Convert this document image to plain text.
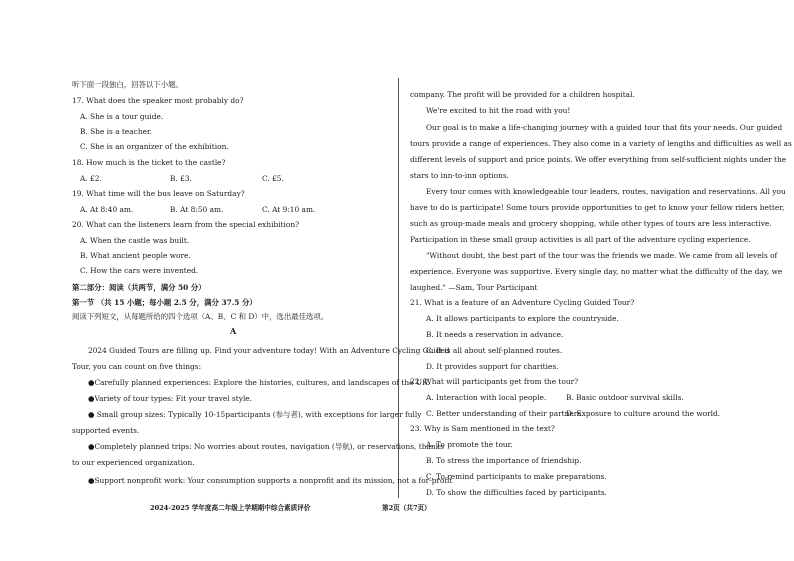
听下面一段独白，回答以下小题。
17. What does the speaker most probably do?
A. She is a tour guide.
B. She is a teacher.
C. She is an organizer of the exhibition.
18. How much is the ticket to the castle?
A. £2.	B. £3.	C. £5.
19. What time will the bus leave on Saturday?
A. At 8:40 am.	B. At 8:50 am.	C. At 9:10 am.
20. What can the listeners learn from the special exhibition?
A. When the castle was built.
B. What ancient people wore.
C. How the cars were invented.
第二部分：阅读（共两节，满分 50 分）
第一节 （共 15 小题；每小题 2.5 分，满分 37.5 分）
阅读下列短文，从每题所给的四个选项（A、B、C 和 D）中，选出最佳选项。
2024 Guided Tours are filling up. Find your adventure today! With an Adventure Cycling Guided
Tour, you can count on five things:
●Carefully planned experiences: Explore the histories, cultures, and landscapes of the UK.
●Variety of tour types: Fit your travel style.
● Small group sizes: Typically 10-15participants (参与者), with exceptions for larger fully
supported events.
●Completely planned trips: No worries about routes, navigation (导航), or reservations, thanks
to our experienced organization.
●Support nonprofit work: Your consumption supports a nonprofit and its mission, not a for-profit
A
2024-2025 学年度高二年级上学期期中综合素质评价
company. The profit will be provided for a children hospital.
We're excited to hit the road with you!
Our goal is to make a life-changing journey with a guided tour that fits your needs. Our guided
tours provide a range of experiences. They also come in a variety of lengths and difficulties as well as
different levels of support and price points. We offer everything from self-sufficient nights under the
stars to inn-to-inn options.
Every tour comes with knowledgeable tour leaders, routes, navigation and reservations. All you
have to do is participate! Some tours provide opportunities to get to know your fellow riders better,
such as group-made meals and grocery shopping, while other types of tours are less interactive.
Participation in these small group activities is all part of the adventure cycling experience.
"Without doubt, the best part of the tour was the friends we made. We came from all levels of
experience. Everyone was supportive. Every single day, no matter what the difficulty of the day, we
laughed." —Sam, Tour Participant
21. What is a feature of an Adventure Cycling Guided Tour?
A. It allows participants to explore the countryside.
B. It needs a reservation in advance.
C. It is all about self-planned routes.
D. It provides support for charities.
22. What will participants get from the tour?
A. Interaction with local people.	B. Basic outdoor survival skills.
C. Better understanding of their partners.
D. Exposure to culture around the world.
23. Why is Sam mentioned in the text?
A. To promote the tour.
B. To stress the importance of friendship.
C. To remind participants to make preparations.
D. To show the difficulties faced by participants.
第2页（共7页）
